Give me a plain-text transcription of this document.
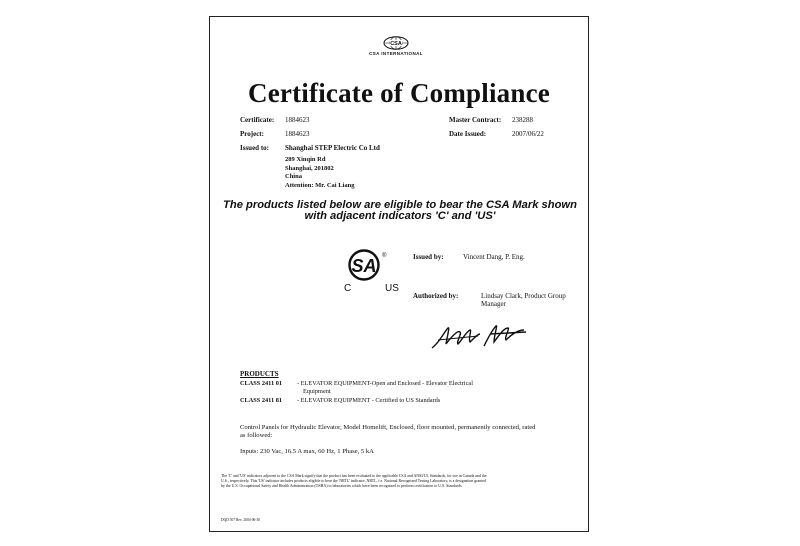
CSA
CSA INTERNATIONAL
Certificate of Compliance
Certificate: 1884623	Master Contract: 238288
Project:	1884623	Date Issued:	2007/06/22
Issued to: Shanghai STEP Electric Co Ltd
289 Xinqin Rd
Shanghai, 201802
China
Attention: Mr. Cai Liang
The products listed below are eligible to bear the CSA Mark shown
with adjacent indicators 'C' and 'US'
SA ®
C	US
Issued by:	Vincent Dang, P. Eng.
Authorized by:	Lindsay Clark, Product Group
Manager
PRODUCTS
CLASS 2411 01 - ELEVATOR EQUIPMENT-Open and Enclosed - Elevator Electrical
Equipment
CLASS 2411 81 - ELEVATOR EQUIPMENT - Certified to US Standards
Control Panels for Hydraulic Elevator, Model Homelift, Enclosed, floor mounted, permanently connected, rated
as followed:
Inputs: 230 Vac, 16.5 A max, 60 Hz, 1 Phase, 5 kA
The 'C' and 'US' indicators adjacent to the CSA Mark signify that the product has been evaluated to the applicable CSA and ANSI/UL Standards, for use in Canada and the
U.S., respectively. This 'US' indicator includes products eligible to bear the 'NRTL' indicator. NRTL, i.e. National Recognized Testing Laboratory, is a designation granted
by the U.S. Occupational Safety and Health Administration (OSHA) to laboratories which have been recognized to perform certification to U.S. Standards.
DQD 507 Rev. 2004-06-30
